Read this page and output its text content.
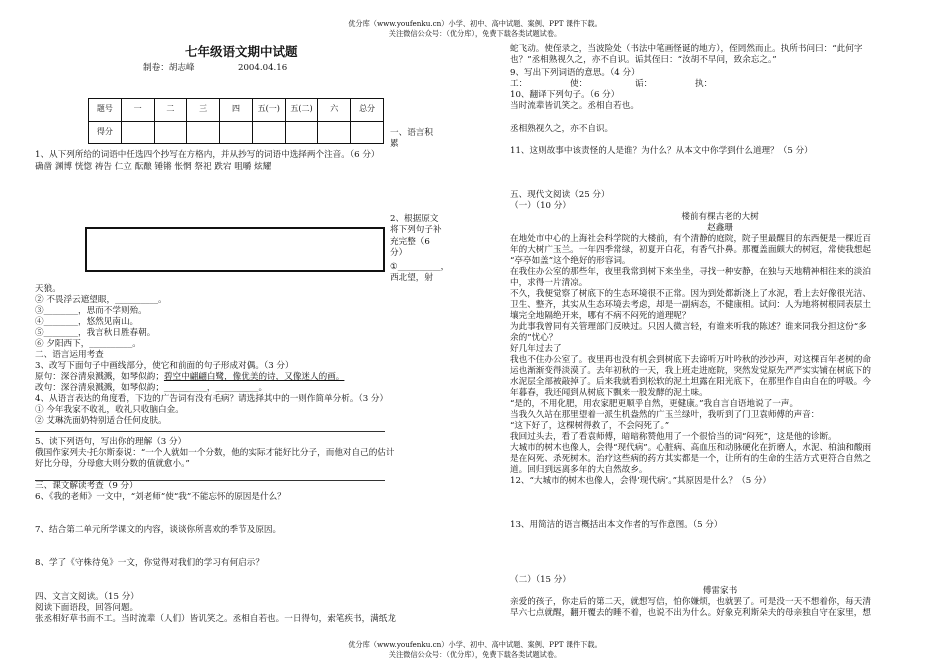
优分库（www.youfenku.cn）小学、初中、高中试题、案例、PPT 课件下载。
关注微信公众号：（优分库），免费下载各类试题试卷。
七年级语文期中试题
制卷：胡志峰	2004.04.16
题号	一	二	三	四	五(一)	五(二)	六	总分
得分									一、语言积累
1、从下列所给的词语中任选四个抄写在方格内，并从抄写的词语中选择两个注音。（6 分）
确凿 渊博 恍惚 祷告 仁立 酝酿 锤锵 怅惘 祭祀 跌宕 咀嚼 炫耀
2、根据原文将下列句子补充完整（6 分）
①__________，
西北望，射
天狼。
② 不畏浮云遮望眼，__________。
③________，思而不学则殆。
④________，悠然见南山。
⑤________，我言秋日胜春朝。
⑥ 夕阳西下，__________。
二、语言运用考查
3、改写下面句子中画线部分，使它和前面的句子形成对偶。（3 分）
原句：深谷清泉溅溅，如琴似韵；碧空中翩翩白鹭，像优美的诗，又像迷人的画。
改句：深谷清泉溅溅，如琴似韵；__________，__________。
4、从语言表达的角度看，下边的广告词有没有毛病？请选择其中的一则作简单分析。（3 分）
① 今年我家不收礼，收礼只收脑白金。
② 艾琳洗面奶特别适合任何皮肤。
5、读下列语句，写出你的理解（3 分）
俄国作家列夫·托尔斯泰说：“一个人就如一个分数，他的实际才能好比分子，而他对自己的估计
好比分母，分母愈大则分数的值就愈小。”
三、课文解读考查（9 分）
6、《我的老师》一文中，“刘老师”使“我”不能忘怀的原因是什么？
7、结合第二单元所学课文的内容，谈谈你所喜欢的季节及原因。
8、学了《守株待兔》一文，你觉得对我们的学习有何启示？
四、文言文阅读。（15 分）
阅读下面语段，回答问题。
张丞相好草书而不工。当时流辈（人们）皆讥笑之。丞相自若也。一日得句，索笔疾书，满纸龙
蛇飞动。使侄录之，当波险处（书法中笔画怪诞的地方），侄罔然而止。执所书问曰：“此何字
也？”丞相熟视久之，亦不自识。诟其侄曰：“汝胡不早问，致余忘之。”
9、写出下列词语的意思。（4 分）
工：	使：	诟：	执：
10、翻译下列句子。（6 分）
当时流辈皆讥笑之。丞相自若也。
丞相熟视久之，亦不自识。
11、这则故事中该责怪的人是谁？为什么？从本文中你学到什么道理？（5 分）
五、现代文阅读（25 分）
（一）（10 分）
楼前有棵古老的大树
赵鑫珊
在地处市中心的上海社会科学院的大楼前，有个清静的庭院，院子里最醒目的东西便是一棵近百
年的大树广玉兰。一年四季常绿，初夏开白花，有香气扑鼻。那覆盖面颇大的树冠，常使我想起
“亭亭如盖”这个绝好的形容词。
在我住办公室的那些年，夜里我常到树下来坐坐，寻找一种安静，在独与天地精神相往来的淡泊
中，求得一片清凉。
不久，我便觉察了树底下的生态环境很不正常。因为到处都新浇上了水泥，看上去好像很光洁、
卫生、整齐，其实从生态环境去考虑，却是一副病态，不健康相。试问：人为地将树根同表层土
壤完全地隔绝开来，哪有不病不闷死的道理呢？
为此事我曾同有关管理部门反映过。只因人微言轻，有谁来听我的陈述？谁来同我分担这份“多
余的”忧心？
好几年过去了
我也不住办公室了。夜里再也没有机会到树底下去谛听万叶吟秋的沙沙声，对这棵百年老树的命
运也渐渐变得淡漠了。去年初秋的一天，我上班走进庭院，突然发觉原先严严实实铺在树底下的
水泥层全部被敲掉了。后来我就看到松软的泥土坦露在阳光底下，在那里作自由自在的呼吸。今
年暮春，我还闻到从树底下飘来一股发酵的泥土味。
“是的，不用化肥，用农家肥更顺乎自然，更健康。”我自言自语地说了一声。
当我久久站在那里望着一派生机盎然的广玉兰绿叶，我听到了门卫袁师傅的声音：
“这下好了，这棵树得救了，不会闷死了。”
我回过头去，看了看袁师傅，暗暗称赞他用了一个很恰当的词“闷死”，这是他的诊断。
大城市的树木也像人，会得“现代病”。心脏病、高血压和动脉硬化在折磨人，水泥、柏油和酸雨
是在闷死、杀死树木。治疗这些病的药方其实都是一个，让所有的生命的生活方式更符合自然之
道。回归到远离多年的大自然故乡。
12、“大城市的树木也像人，会得‘现代病’。”其原因是什么？（5 分）
13、用简洁的语言概括出本文作者的写作意图。（5 分）
（二）（15 分）
傅雷家书
亲爱的孩子，你走后的第二天，就想写信，怕你嫌烦，也就罢了。可是没一天不想着你，每天清
早六七点就醒，翻开覆去的睡不着，也说不出为什么。好象克利斯朵夫的母亲独自守在家里，想
优分库（www.youfenku.cn）小学、初中、高中试题、案例、PPT 课件下载。
关注微信公众号：（优分库），免费下载各类试题试卷。
